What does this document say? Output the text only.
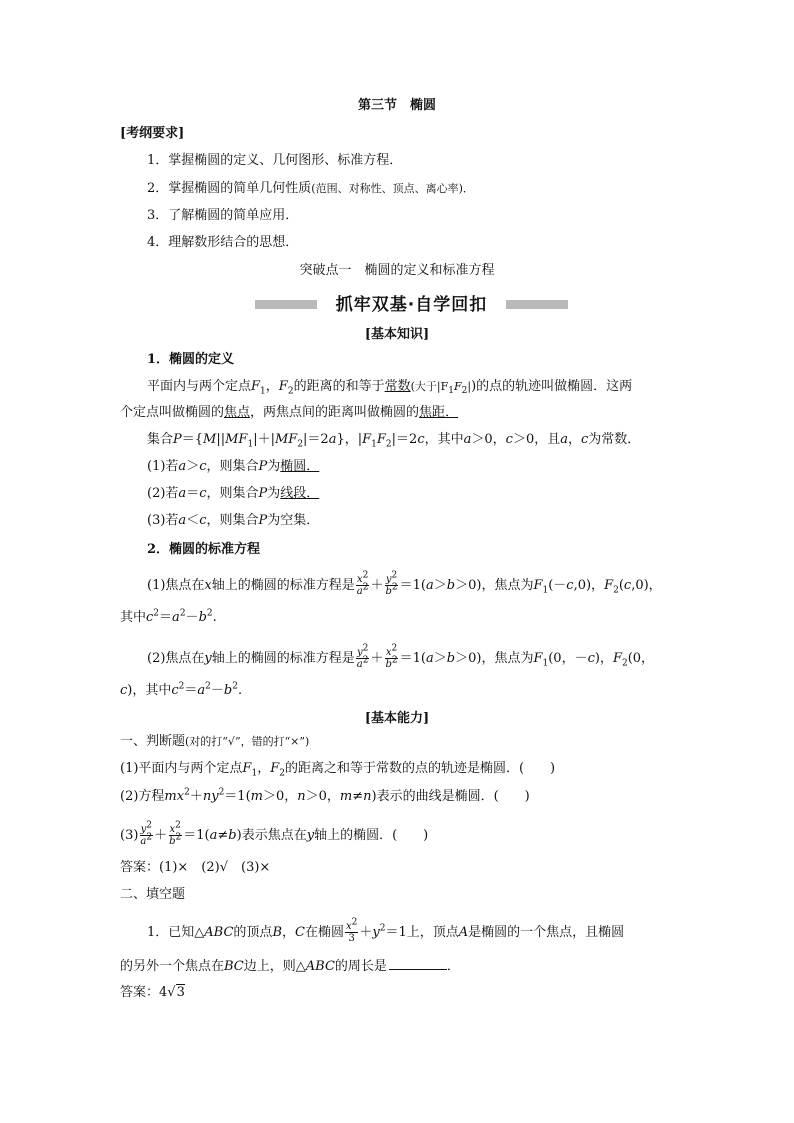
第三节　椭圆
[考纲要求]
1．掌握椭圆的定义、几何图形、标准方程．
2．掌握椭圆的简单几何性质(范围、对称性、顶点、离心率)．
3．了解椭圆的简单应用．
4．理解数形结合的思想．
突破点一　椭圆的定义和标准方程
抓牢双基·自学回扣
[基本知识]
1．椭圆的定义
平面内与两个定点$F_1$，$F_2$的距离的和等于常数(大于$|F_1F_2|$)的点的轨迹叫做椭圆．这两
个定点叫做椭圆的焦点，两焦点间的距离叫做椭圆的焦距．
集合$P=\{M||MF_1|+|MF_2|=2a\}$，$|F_1F_2|=2c$，其中a＞0，c＞0，且a，c为常数．
(1)若a＞c，则集合P为椭圆．
(2)若a＝c，则集合P为线段．
(3)若a＜c，则集合P为空集．
2．椭圆的标准方程
(1)焦点在x轴上的椭圆的标准方程是 $\frac{x^2}{a^2} + \frac{y^2}{b^2} =1(a>b>0)$，焦点为$F_1(-c,0)$，$F_2(c,0)$，
其中$c^2=a^2-b^2$.
(2)焦点在y轴上的椭圆的标准方程是 $\frac{y^2}{a^2} + \frac{x^2}{b^2} =1(a>b>0)$，焦点为$F_1(0$，－c)，$F_2(0$，
c)，其中$c^2=a^2-b^2$.
[基本能力]
一、判断题(对的打“√”，错的打“×”)
(1)平面内与两个定点$F_1$，$F_2$的距离之和等于常数的点的轨迹是椭圆．(　　)
(2)方程$mx^2+ny^2=1(m>0$，n＞0，m≠n)表示的曲线是椭圆．(　　)
$(3) \frac{y^2}{a^2} + \frac{x^2}{b^2} =1(a\ne b)$表示焦点在y轴上的椭圆．(　　)
答案：(1)×　(2)√　(3)×
二、填空题
1．已知△ABC的顶点B，C在椭圆 $\frac{x^2}{3} +y^2=1$上，顶点A是椭圆的一个焦点，且椭圆
的另外一个焦点在BC边上，则△ABC的周长是	．
答案：4√3
